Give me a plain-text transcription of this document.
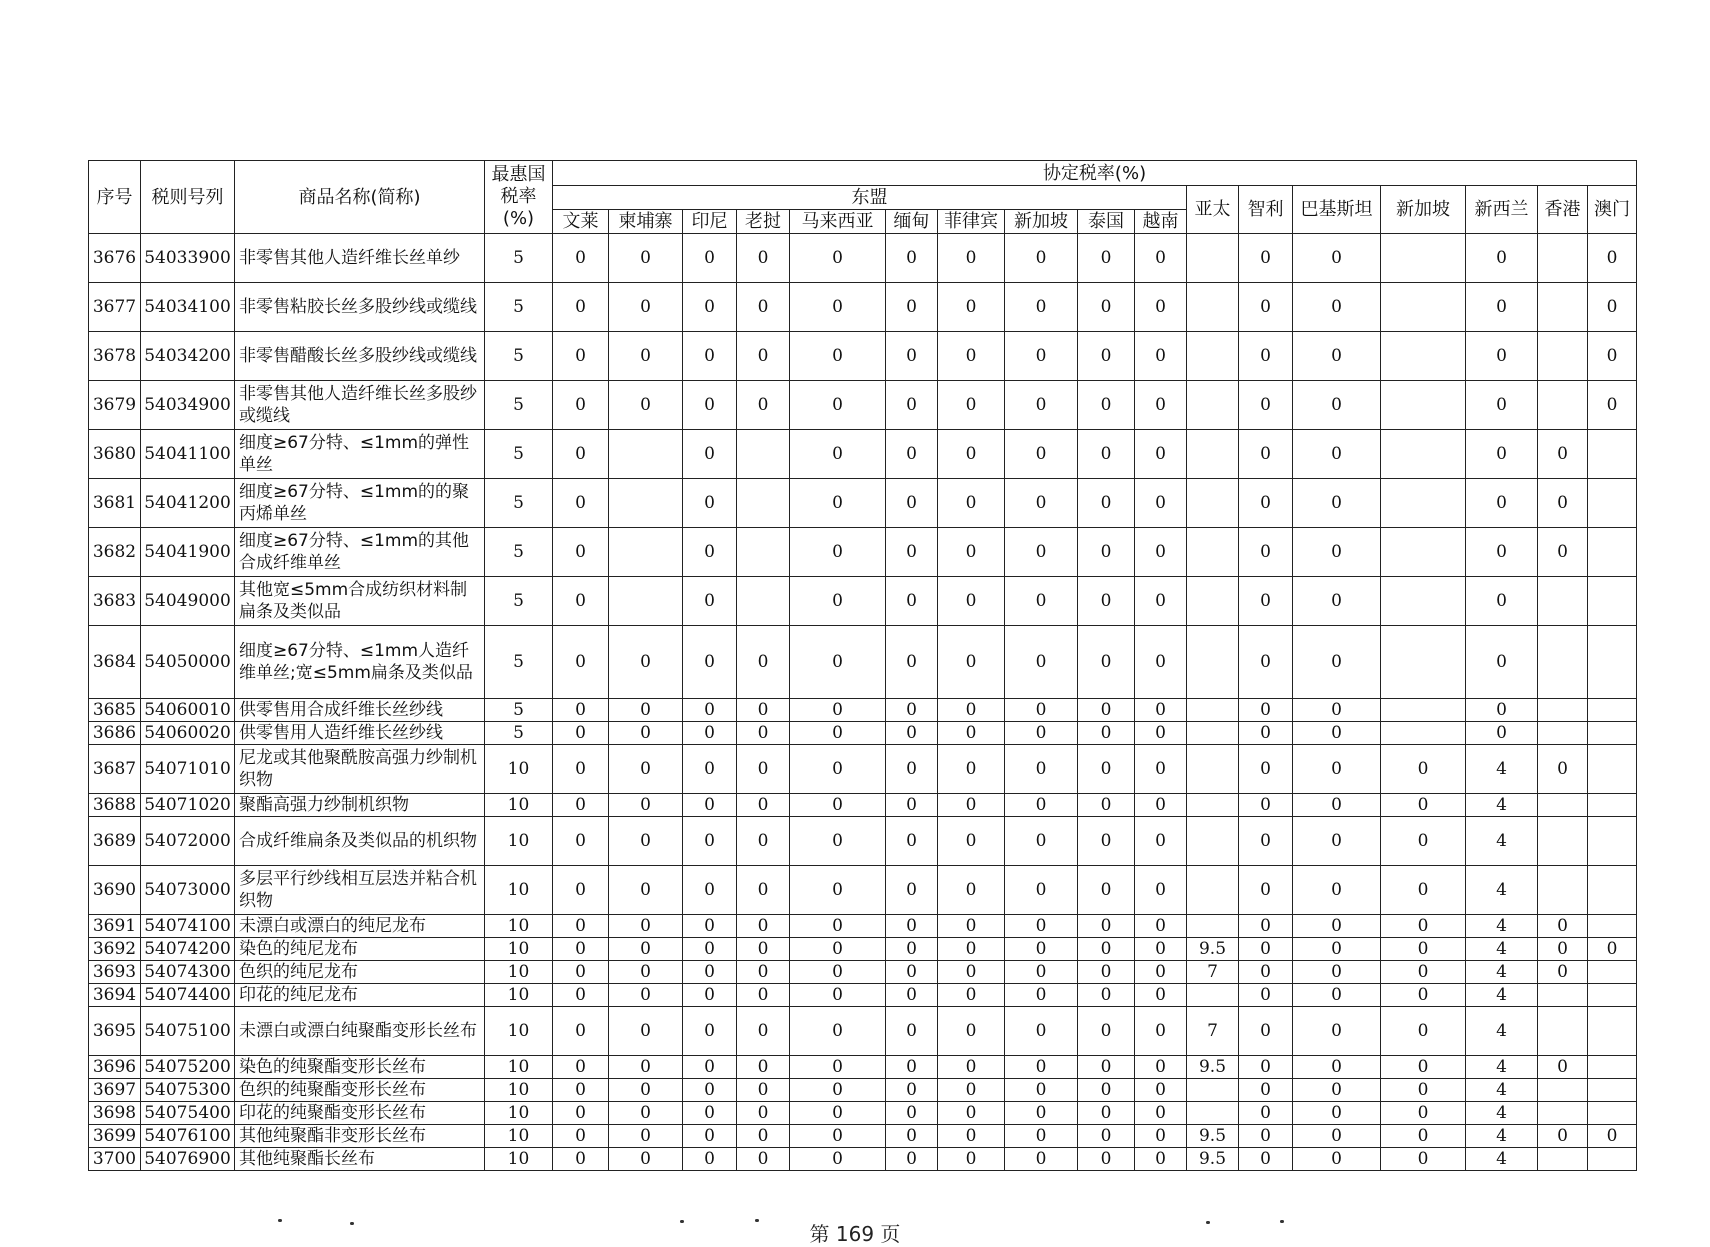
序号	税则号列	商品名称(简称)	最惠国税率(%)	协定税率(%)																
				东盟										亚太	智利	巴基斯坦	新加坡	新西兰	香港	澳门
				文莱	柬埔寨	印尼	老挝	马来西亚	缅甸	菲律宾	新加坡	泰国	越南							
3676	54033900	非零售其他人造纤维长丝单纱	5	0	0	0	0	0	0	0	0	0	0		0	0		0		0
3677	54034100	非零售粘胶长丝多股纱线或缆线	5	0	0	0	0	0	0	0	0	0	0		0	0		0		0
3678	54034200	非零售醋酸长丝多股纱线或缆线	5	0	0	0	0	0	0	0	0	0	0		0	0		0		0
3679	54034900	非零售其他人造纤维长丝多股纱或缆线	5	0	0	0	0	0	0	0	0	0	0		0	0		0		0
3680	54041100	细度≥67分特、≤1mm的弹性单丝	5	0		0		0	0	0	0	0	0		0	0		0	0	
3681	54041200	细度≥67分特、≤1mm的的聚丙烯单丝	5	0		0		0	0	0	0	0	0		0	0		0	0	
3682	54041900	细度≥67分特、≤1mm的其他合成纤维单丝	5	0		0		0	0	0	0	0	0		0	0		0	0	
3683	54049000	其他宽≤5mm合成纺织材料制扁条及类似品	5	0		0		0	0	0	0	0	0		0	0		0		
3684	54050000	细度≥67分特、≤1mm人造纤维单丝;宽≤5mm扁条及类似品	5	0	0	0	0	0	0	0	0	0	0		0	0		0		
3685	54060010	供零售用合成纤维长丝纱线	5	0	0	0	0	0	0	0	0	0	0		0	0		0		
3686	54060020	供零售用人造纤维长丝纱线	5	0	0	0	0	0	0	0	0	0	0		0	0		0		
3687	54071010	尼龙或其他聚酰胺高强力纱制机织物	10	0	0	0	0	0	0	0	0	0	0		0	0	0	4	0	
3688	54071020	聚酯高强力纱制机织物	10	0	0	0	0	0	0	0	0	0	0		0	0	0	4		
3689	54072000	合成纤维扁条及类似品的机织物	10	0	0	0	0	0	0	0	0	0	0		0	0	0	4		
3690	54073000	多层平行纱线相互层迭并粘合机织物	10	0	0	0	0	0	0	0	0	0	0		0	0	0	4		
3691	54074100	未漂白或漂白的纯尼龙布	10	0	0	0	0	0	0	0	0	0	0		0	0	0	4	0	
3692	54074200	染色的纯尼龙布	10	0	0	0	0	0	0	0	0	0	0	9.5	0	0	0	4	0	0
3693	54074300	色织的纯尼龙布	10	0	0	0	0	0	0	0	0	0	0	7	0	0	0	4	0	
3694	54074400	印花的纯尼龙布	10	0	0	0	0	0	0	0	0	0	0		0	0	0	4		
3695	54075100	未漂白或漂白纯聚酯变形长丝布	10	0	0	0	0	0	0	0	0	0	0	7	0	0	0	4		
3696	54075200	染色的纯聚酯变形长丝布	10	0	0	0	0	0	0	0	0	0	0	9.5	0	0	0	4	0	
3697	54075300	色织的纯聚酯变形长丝布	10	0	0	0	0	0	0	0	0	0	0		0	0	0	4		
3698	54075400	印花的纯聚酯变形长丝布	10	0	0	0	0	0	0	0	0	0	0		0	0	0	4		
3699	54076100	其他纯聚酯非变形长丝布	10	0	0	0	0	0	0	0	0	0	0	9.5	0	0	0	4	0	0
3700	54076900	其他纯聚酯长丝布	10	0	0	0	0	0	0	0	0	0	0	9.5	0	0	0	4		
第 169 页
